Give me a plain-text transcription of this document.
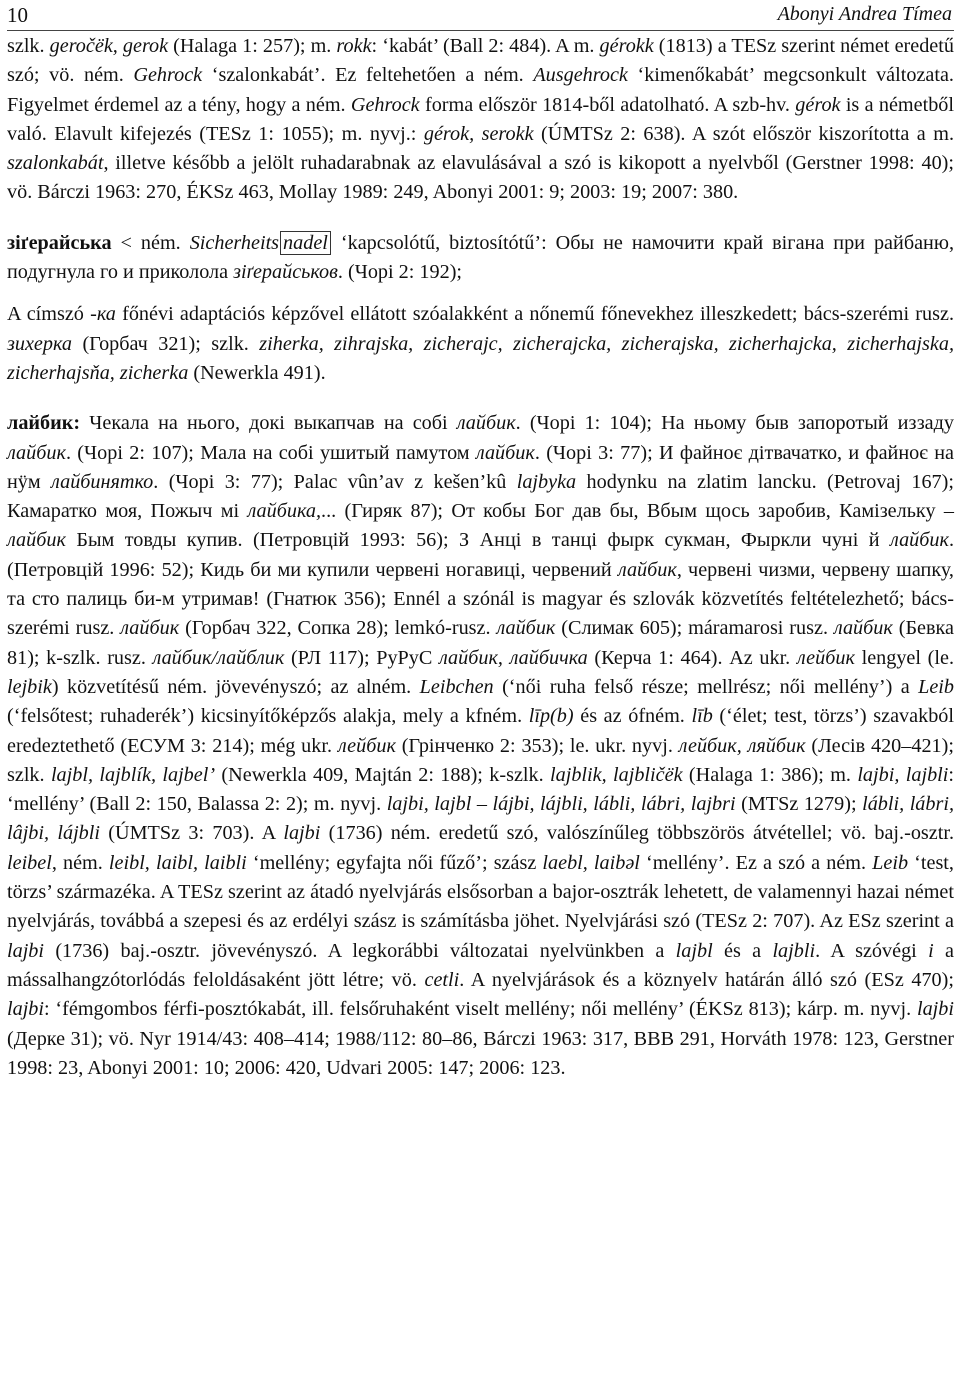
10	Abonyi Andrea Tímea

szlk. geročëk, gerok (Halaga 1: 257); m. rokk: ‘kabát’ (Ball 2: 484). A m. gérokk (1813) a TESz szerint német eredetű szó; vö. ném. Gehrock ‘szalonkabát’. Ez feltehetően a ném. Ausgehrock ‘kimenőkabát’ megcsonkult változata. Figyelmet érdemel az a tény, hogy a ném. Gehrock forma először 1814-ből adatolható. A szb-hv. gérok is a németből való. Elavult kifejezés (TESz 1: 1055); m. nyvj.: gérok, serokk (ÚMTSz 2: 638). A szót először kiszorította a m. szalonkabát, illetve később a jelölt ruhadarabnak az elavulásával a szó is kikopott a nyelvből (Gerstner 1998: 40); vö. Bárczi 1963: 270, ÉKSz 463, Mollay 1989: 249, Abonyi 2001: 9; 2003: 19; 2007: 380.

зіґерайська < ném. Sicherheits nadel ‘kapcsolótű, biztosítótű’: Обы не намочити край вігана при райбаню, подугнула го и приколола зіґерайськов. (Чорі 2: 192);

A címszó -ка főnévi adaptációs képzővel ellátott szóalakként a nőnemű főnevekhez illeszkedett; bács-szerémi rusz. зихерка (Горбач 321); szlk. ziherka, zihrajska, zicherajc, zicherajcka, zicherajska, zicherhajcka, zicherhajska, zicherhajsňa, zicherka (Newerkla 491).

лайбик: Чекала на нього, докі выкапчав на собі лайбик. (Чорі 1: 104); На ньому быв запоротый иззаду лайбик. (Чорі 2: 107); Мала на собі ушитый памутом лайбик. (Чорі 3: 77); И файноє дітвачатко, и файноє на нӱм лайбинятко. (Чорі 3: 77); Palac vûn’av z kešen’kû lajbyka hodynku na zlatim lancku. (Petrovaj 167); Камаратко моя, Пожыч мі лайбика,... (Гиряк 87); От кобы Бог дав бы, Вбым щось заробив, Камізельку – лайбик Бым товды купив. (Петровцій 1993: 56); З Анці в танці фырк сукман, Фыркли чуні й лайбик. (Петровцій 1996: 52); Кидь би ми купили червені ногавиці, червений лайбик, червені чизми, червену шапку, та сто палиць би-м утримав! (Гнатюк 356); Ennél a szónál is magyar és szlovák közvetítés feltételezhető; bács-szerémi rusz. лайбик (Горбач 322, Сопка 28); lemkó-rusz. лайбик (Слимак 605); máramarosi rusz. лайбик (Бевка 81); k-szlk. rusz. лайбик/лайблик (РЛ 117); РуРуС лайбик, лайбичка (Керча 1: 464). Az ukr. лейбик lengyel (le. lejbik) közvetítésű ném. jövevényszó; az alném. Leibchen (‘női ruha felső része; mellrész; női mellény’) a Leib (‘felsőtest; ruhaderék’) kicsinyítőképzős alakja, mely a kfném. līp(b) és az ófném. līb (‘élet; test, törzs’) szavakból eredeztethető (ЕСУМ 3: 214); még ukr. лейбик (Грінченко 2: 353); le. ukr. nyvj. лейбик, ляйбик (Лесів 420–421); szlk. lajbl, lajblík, lajbel’ (Newerkla 409, Majtán 2: 188); k-szlk. lajblik, lajbličëk (Halaga 1: 386); m. lajbi, lajbli: ‘mellény’ (Ball 2: 150, Balassa 2: 2); m. nyvj. lajbi, lajbl – lájbi, lájbli, lábli, lábri, lajbri (MTSz 1279); lábli, lábri, lâjbi, lájbli (ÚMTSz 3: 703). A lajbi (1736) ném. eredetű szó, valószínűleg többszörös átvétellel; vö. baj.-osztr. leibel, ném. leibl, laibl, laibli ‘mellény; egyfajta női fűző’; szász laebl, laibəl ‘mellény’. Ez a szó a ném. Leib ‘test, törzs’ származéka. A TESz szerint az átadó nyelvjárás elsősorban a bajor-osztrák lehetett, de valamennyi hazai német nyelvjárás, továbbá a szepesi és az erdélyi szász is számításba jöhet. Nyelvjárási szó (TESz 2: 707). Az ESz szerint a lajbi (1736) baj.-osztr. jövevényszó. A legkorábbi változatai nyelvünkben a lajbl és a lajbli. A szóvégi i a mássalhangzótorlódás feloldásaként jött létre; vö. cetli. A nyelvjárások és a köznyelv határán álló szó (ESz 470); lajbi: ‘fémgombos férfi-posztókabát, ill. felsőruhaként viselt mellény; női mellény’ (ÉKSz 813); kárp. m. nyvj. lajbi (Дерке 31); vö. Nyr 1914/43: 408–414; 1988/112: 80–86, Bárczi 1963: 317, BBB 291, Horváth 1978: 123, Gerstner 1998: 23, Abonyi 2001: 10; 2006: 420, Udvari 2005: 147; 2006: 123.
